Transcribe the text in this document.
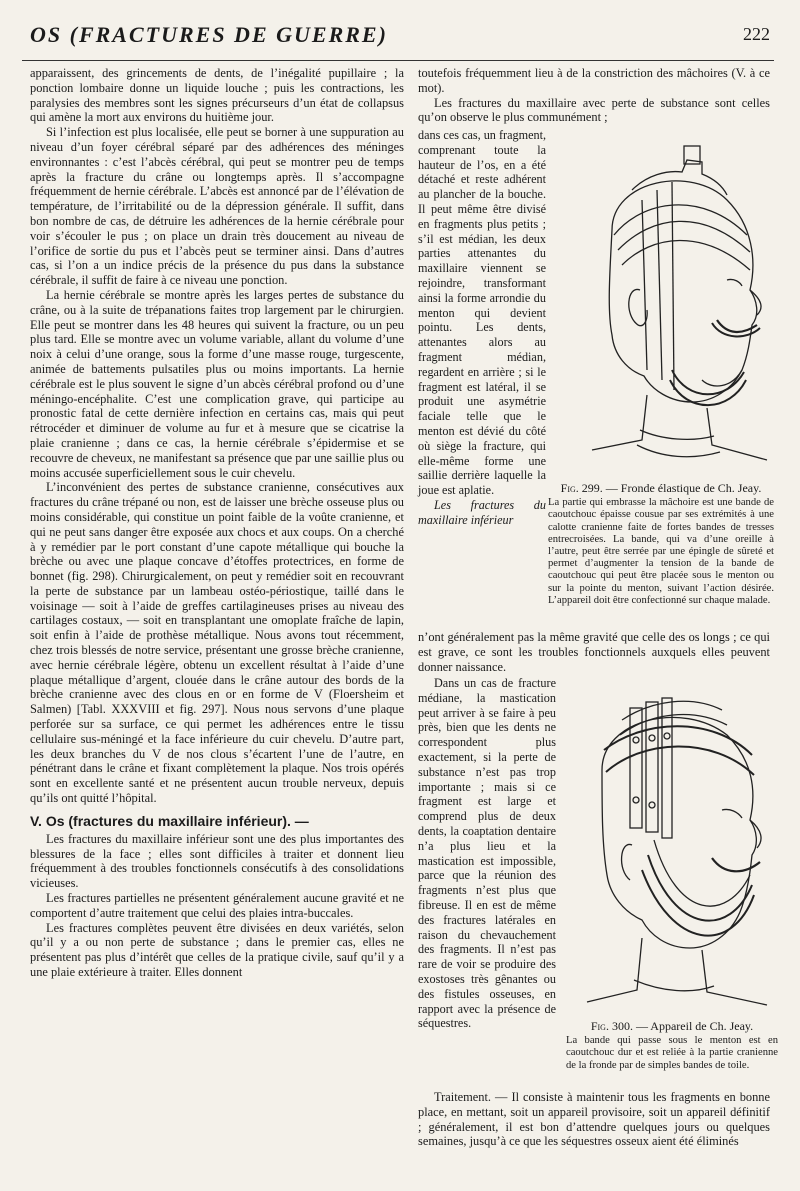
OS (FRACTURES DE GUERRE)	222

apparaissent, des grincements de dents, de l’inégalité pupillaire ; la ponction lombaire donne un liquide louche ; puis les contractions, les paralysies des membres sont les signes précurseurs d’un état de collapsus qui amène la mort aux environs du huitième jour.

Si l’infection est plus localisée, elle peut se borner à une suppuration au niveau d’un foyer cérébral séparé par des adhérences des méninges environnantes : c’est l’abcès cérébral, qui peut se montrer peu de temps après la fracture du crâne ou longtemps après. Il s’accompagne fréquemment de hernie cérébrale. L’abcès est annoncé par de l’élévation de température, de l’irritabilité ou de la dépression générale. Il suffit, dans bon nombre de cas, de détruire les adhérences de la hernie cérébrale pour voir s’écouler le pus ; on place un drain très doucement au niveau de l’orifice de sortie du pus et l’abcès peut se terminer ainsi. Dans d’autres cas, si l’on a un indice précis de la présence du pus dans la substance cérébrale, il suffit de faire à ce niveau une ponction.

La hernie cérébrale se montre après les larges pertes de substance du crâne, ou à la suite de trépanations faites trop largement par le chirurgien. Elle peut se montrer dans les 48 heures qui suivent la fracture, ou un peu plus tard. Elle se montre avec un volume variable, allant du volume d’une noix à celui d’une orange, sous la forme d’une masse rouge, turgescente, animée de battements pulsatiles plus ou moins importants. La hernie cérébrale est le plus souvent le signe d’un abcès cérébral profond ou d’une méningo-encéphalite. C’est une complication grave, qui participe au pronostic fatal de cette dernière infection en certains cas, mais qui peut rétrocéder et diminuer de volume au fur et à mesure que se cicatrise la plaie cranienne ; dans ce cas, la hernie cérébrale s’épidermise et se recouvre de cheveux, ne manifestant sa présence que par une saillie plus ou moins accusée superficiellement sous le cuir chevelu.

L’inconvénient des pertes de substance cranienne, consécutives aux fractures du crâne trépané ou non, est de laisser une brèche osseuse plus ou moins considérable, qui constitue un point faible de la voûte cranienne, et qui ne peut sans danger être exposée aux chocs et aux coups. On a cherché à y remédier par le port constant d’une capote métallique qui bouche la brèche ou avec une plaque concave d’étoffes protectrices, en forme de bonnet (fig. 298). Chirurgicalement, on peut y remédier soit en recouvrant la perte de substance par un lambeau ostéo-périostique, taillé dans le voisinage — soit à l’aide de greffes cartilagineuses prises au niveau des cartilages costaux, — soit en transplantant une omoplate fraîche de lapin, soit enfin à l’aide de prothèse métallique. Nous avons tout récemment, chez trois blessés de notre service, présentant une grosse brèche cranienne, avec hernie cérébrale légère, obtenu un excellent résultat à l’aide d’une plaque métallique d’argent, clouée dans le crâne autour des bords de la brèche cranienne avec des clous en or en forme de V (Floersheim et Salmen) [Tabl. XXXVIII et fig. 297]. Nous nous servons d’une plaque perforée sur sa surface, ce qui permet les adhérences entre le tissu cellulaire sus-méningé et la face inférieure du cuir chevelu. D’autre part, les deux branches du V de nos clous s’écartent l’une de l’autre, en pénétrant dans le crâne et fixant complètement la plaque. Nos trois opérés sont en excellente santé et ne présentent aucun trouble nerveux, depuis qu’ils ont quitté l’hôpital.

V. Os (fractures du maxillaire inférieur). —

Les fractures du maxillaire inférieur sont une des plus importantes des blessures de la face ; elles sont difficiles à traiter et donnent lieu fréquemment à des troubles fonctionnels consécutifs à des consolidations vicieuses.

Les fractures partielles ne présentent généralement aucune gravité et ne comportent d’autre traitement que celui des plaies intra-buccales.

Les fractures complètes peuvent être divisées en deux variétés, selon qu’il y a ou non perte de substance ; dans le premier cas, elles ne présentent pas plus d’intérêt que celles de la pratique civile, sauf qu’il y a une plaie extérieure à traiter. Elles donnent

toutefois fréquemment lieu à de la constriction des mâchoires (V. à ce mot).

Les fractures du maxillaire avec perte de substance sont celles qu’on observe le plus communément ;

dans ces cas, un fragment, comprenant toute la hauteur de l’os, en a été détaché et reste adhérent au plancher de la bouche. Il peut même être divisé en fragments plus petits ; s’il est médian, les deux parties attenantes du maxillaire viennent se rejoindre, transformant ainsi la forme arrondie du menton qui devient pointu. Les dents, attenantes alors au fragment médian, regardent en arrière ; si le fragment est latéral, il se produit une asymétrie faciale telle que le menton est dévié du côté où siège la fracture, qui elle-même forme une saillie derrière laquelle la joue est aplatie.

Les fractures du maxillaire inférieur

Fig. 299. — Fronde élastique de Ch. Jeay.
La partie qui embrasse la mâchoire est une bande de caoutchouc épaisse cousue par ses extrémités à une calotte cranienne faite de fortes bandes de tresses entrecroisées. La bande, qui va d’une oreille à l’autre, peut être serrée par une épingle de sûreté et permet d’augmenter la tension de la bande de caoutchouc qui peut être placée sous le menton ou sur la pointe du menton, suivant l’action désirée. L’appareil doit être confectionné sur chaque malade.

n’ont généralement pas la même gravité que celle des os longs ; ce qui est grave, ce sont les troubles fonctionnels auxquels elles peuvent donner naissance.

Dans un cas de fracture médiane, la mastication peut arriver à se faire à peu près, bien que les dents ne correspondent plus exactement, si la perte de substance n’est pas trop importante ; mais si ce fragment est large et comprend plus de deux dents, la coaptation dentaire n’a plus lieu et la mastication est impossible, parce que la réunion des fragments n’est plus que fibreuse. Il en est de même des fractures latérales en raison du chevauchement des fragments. Il n’est pas rare de voir se produire des exostoses très gênantes ou des fistules osseuses, en rapport avec la présence de séquestres.	Fig. 300. — Appareil de Ch. Jeay.
La bande qui passe sous le menton est en caoutchouc dur et est reliée à la partie cranienne de la fronde par de simples bandes de toile.

Traitement. — Il consiste à maintenir tous les fragments en bonne place, en mettant, soit un appareil provisoire, soit un appareil définitif ; généralement, il est bon d’attendre quelques jours ou quelques semaines, jusqu’à ce que les séquestres osseux aient été éliminés
